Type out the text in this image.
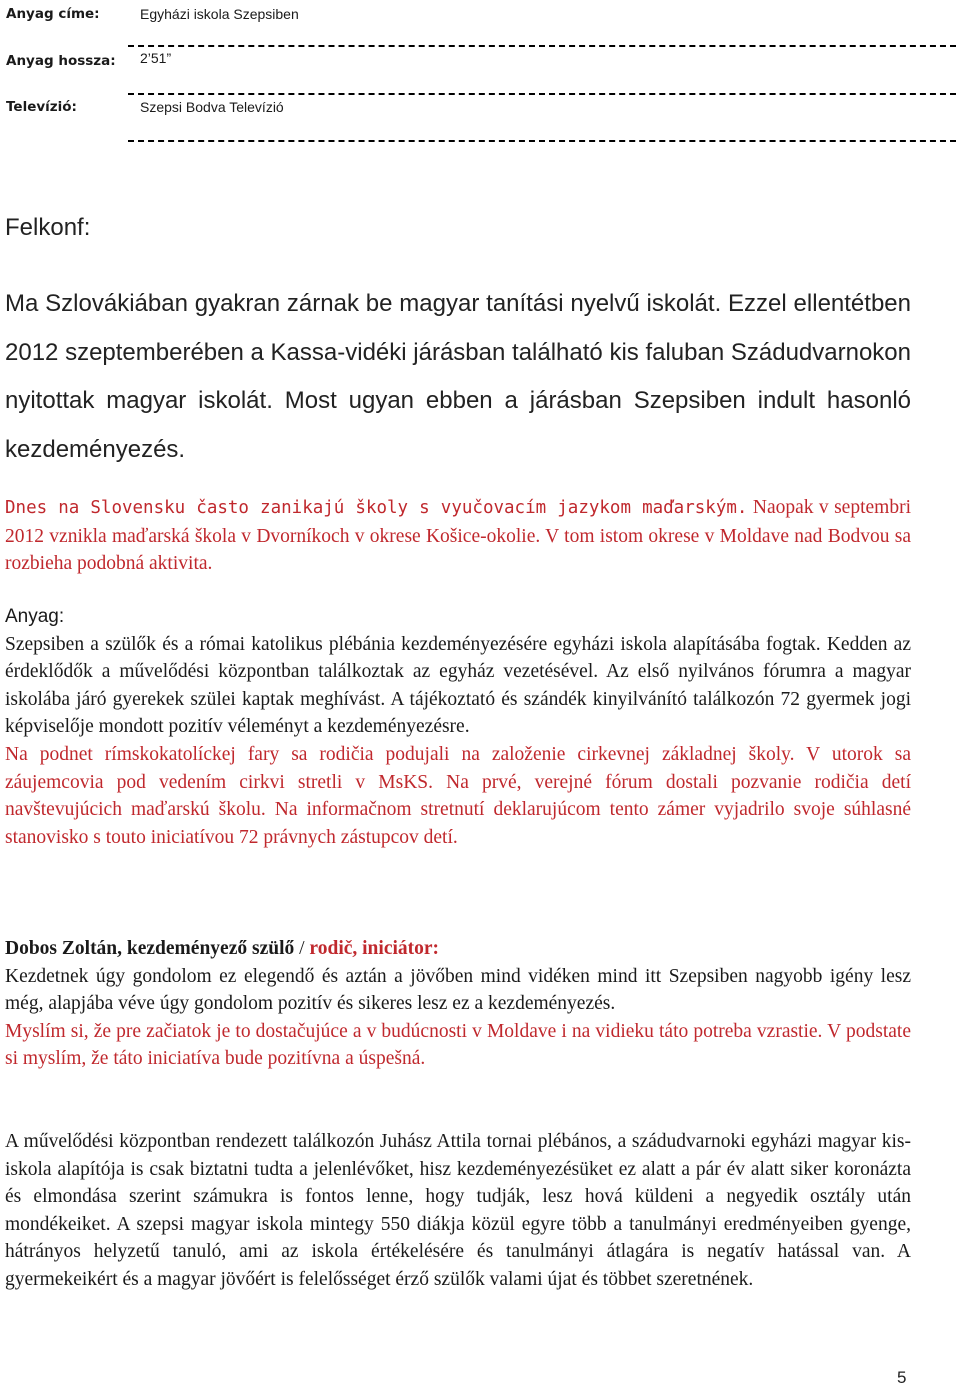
Anyag címe:	Egyházi iskola Szepsiben
Anyag hossza: 2’51”
Televízió:	Szepsi Bodva Televízió
Felkonf:
Ma Szlovákiában gyakran zárnak be magyar tanítási nyelvű iskolát. Ezzel ellentétben 2012 szeptemberében a Kassa-vidéki járásban található kis faluban Szádudvarnokon nyitottak magyar iskolát. Most ugyan ebben a járásban Szepsiben indult hasonló kezdeményezés.
Dnes na Slovensku často zanikajú školy s vyučovacím jazykom maďarským. Naopak v septembri 2012 vznikla maďarská škola v Dvorníkoch v okrese Košice-okolie. V tom istom okrese v Moldave nad Bodvou sa rozbieha podobná aktivita.
Anyag:
Szepsiben a szülők és a római katolikus plébánia kezdeményezésére egyházi iskola alapításába fogtak. Kedden az érdeklődők a művelődési központban találkoztak az egyház vezetésével. Az első nyilvános fórumra a magyar iskolába járó gyerekek szülei kaptak meghívást. A tájékoztató és szándék kinyilvánító találkozón 72 gyermek jogi képviselője mondott pozitív véleményt a kezdeményezésre.
Na podnet rímskokatolíckej fary sa rodičia podujali na založenie cirkevnej základnej školy. V utorok sa záujemcovia pod vedením cirkvi stretli v MsKS. Na prvé, verejné fórum dostali pozvanie rodičia detí navštevujúcich maďarskú školu. Na informačnom stretnutí deklarujúcom tento zámer vyjadrilo svoje súhlasné stanovisko s touto iniciatívou 72 právnych zástupcov detí.
Dobos Zoltán, kezdeményező szülő / rodič, iniciátor:
Kezdetnek úgy gondolom ez elegendő és aztán a jövőben mind vidéken mind itt Szepsiben nagyobb igény lesz még, alapjába véve úgy gondolom pozitív és sikeres lesz ez a kezdeményezés.
Myslím si, že pre začiatok je to dostačujúce a v budúcnosti v Moldave i na vidieku táto potreba vzrastie. V podstate si myslím, že táto iniciatíva bude pozitívna a úspešná.
A művelődési központban rendezett találkozón Juhász Attila tornai plébános, a szádudvarnoki egyházi magyar kis-iskola alapítója is csak biztatni tudta a jelenlévőket, hisz kezdeményezésüket ez alatt a pár év alatt siker koronázta és elmondása szerint számukra is fontos lenne, hogy tudják, lesz hová küldeni a negyedik osztály után mondékeiket. A szepsi magyar iskola mintegy 550 diákja közül egyre több a tanulmányi eredményeiben gyenge, hátrányos helyzetű tanuló, ami az iskola értékelésére és tanulmányi átlagára is negatív hatással van. A gyermekeikért és a magyar jövőért is felelősséget érző szülők valami újat és többet szeretnének.
5
